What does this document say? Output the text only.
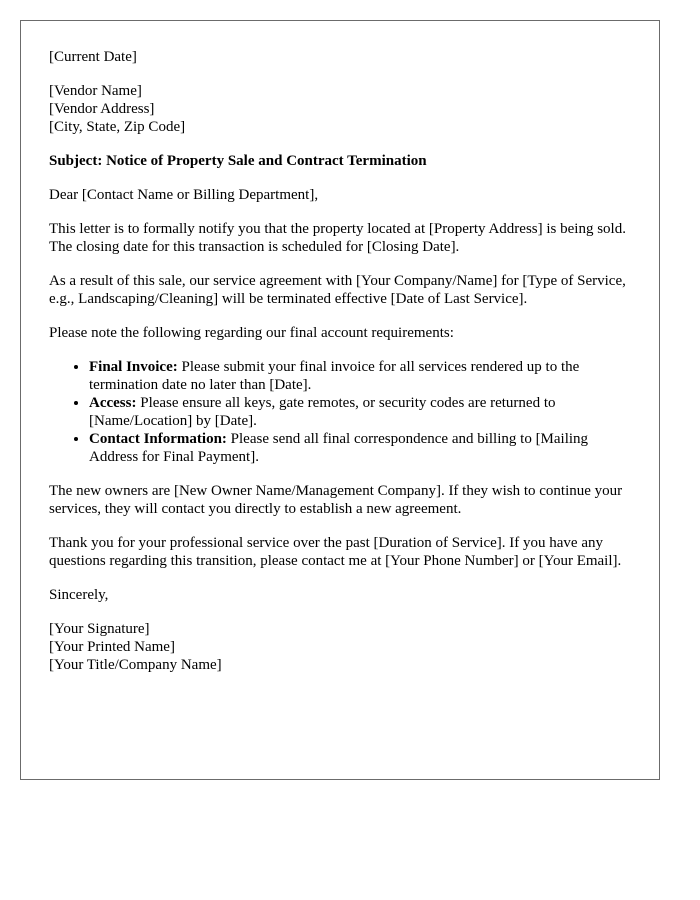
[Current Date]
[Vendor Name]
[Vendor Address]
[City, State, Zip Code]
Subject: Notice of Property Sale and Contract Termination
Dear [Contact Name or Billing Department],

This letter is to formally notify you that the property located at [Property Address] is being sold. The closing date for this transaction is scheduled for [Closing Date].

As a result of this sale, our service agreement with [Your Company/Name] for [Type of Service, e.g., Landscaping/Cleaning] will be terminated effective [Date of Last Service].

Please note the following regarding our final account requirements:

• Final Invoice: Please submit your final invoice for all services rendered up to the termination date no later than [Date].
• Access: Please ensure all keys, gate remotes, or security codes are returned to [Name/Location] by [Date].
• Contact Information: Please send all final correspondence and billing to [Mailing Address for Final Payment].

The new owners are [New Owner Name/Management Company]. If they wish to continue your services, they will contact you directly to establish a new agreement.

Thank you for your professional service over the past [Duration of Service]. If you have any questions regarding this transition, please contact me at [Your Phone Number] or [Your Email].

Sincerely,
[Your Signature]
[Your Printed Name]
[Your Title/Company Name]
